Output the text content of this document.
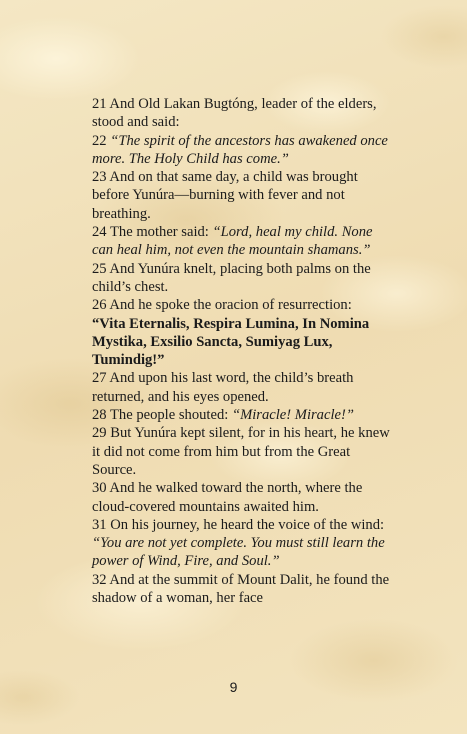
21 And Old Lakan Bugtóng, leader of the elders, stood and said:

22 “The spirit of the ancestors has awakened once more. The Holy Child has come.”

23 And on that same day, a child was brought before Yunúra—burning with fever and not breathing.

24 The mother said: “Lord, heal my child. None can heal him, not even the mountain shamans.”

25 And Yunúra knelt, placing both palms on the child’s chest.

26 And he spoke the oracion of resurrection:
“Vita Eternalis, Respira Lumina, In Nomina Mystika, Exsilio Sancta, Sumiyag Lux, Tumindig!”

27 And upon his last word, the child’s breath returned, and his eyes opened.

28 The people shouted: “Miracle! Miracle!”

29 But Yunúra kept silent, for in his heart, he knew it did not come from him but from the Great Source.

30 And he walked toward the north, where the cloud-covered mountains awaited him.

31 On his journey, he heard the voice of the wind:
“You are not yet complete. You must still learn the power of Wind, Fire, and Soul.”

32 And at the summit of Mount Dalit, he found the shadow of a woman, her face

9
